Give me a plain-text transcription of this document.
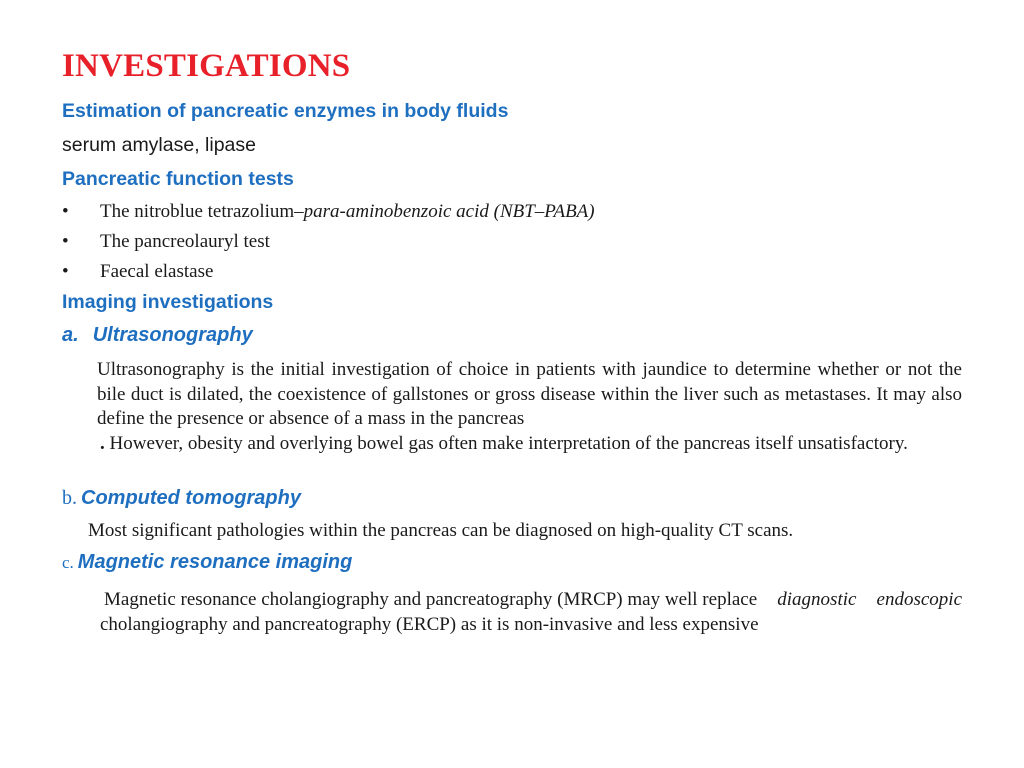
INVESTIGATIONS
Estimation of pancreatic enzymes in body fluids
serum amylase, lipase
Pancreatic function tests
• The nitroblue tetrazolium–para-aminobenzoic acid (NBT–PABA)
• The pancreolauryl test
• Faecal elastase
Imaging investigations
a. Ultrasonography
Ultrasonography is the initial investigation of choice in patients with jaundice to determine whether or not the bile duct is dilated, the coexistence of gallstones or gross disease within the liver such as metastases. It may also define the presence or absence of a mass in the pancreas . However, obesity and overlying bowel gas often make interpretation of the pancreas itself unsatisfactory.
b. Computed tomography
Most significant pathologies within the pancreas can be diagnosed on high-quality CT scans.
c. Magnetic resonance imaging
Magnetic resonance cholangiography and pancreatography (MRCP) may well replace diagnostic endoscopic cholangiography and pancreatography (ERCP) as it is non-invasive and less expensive
